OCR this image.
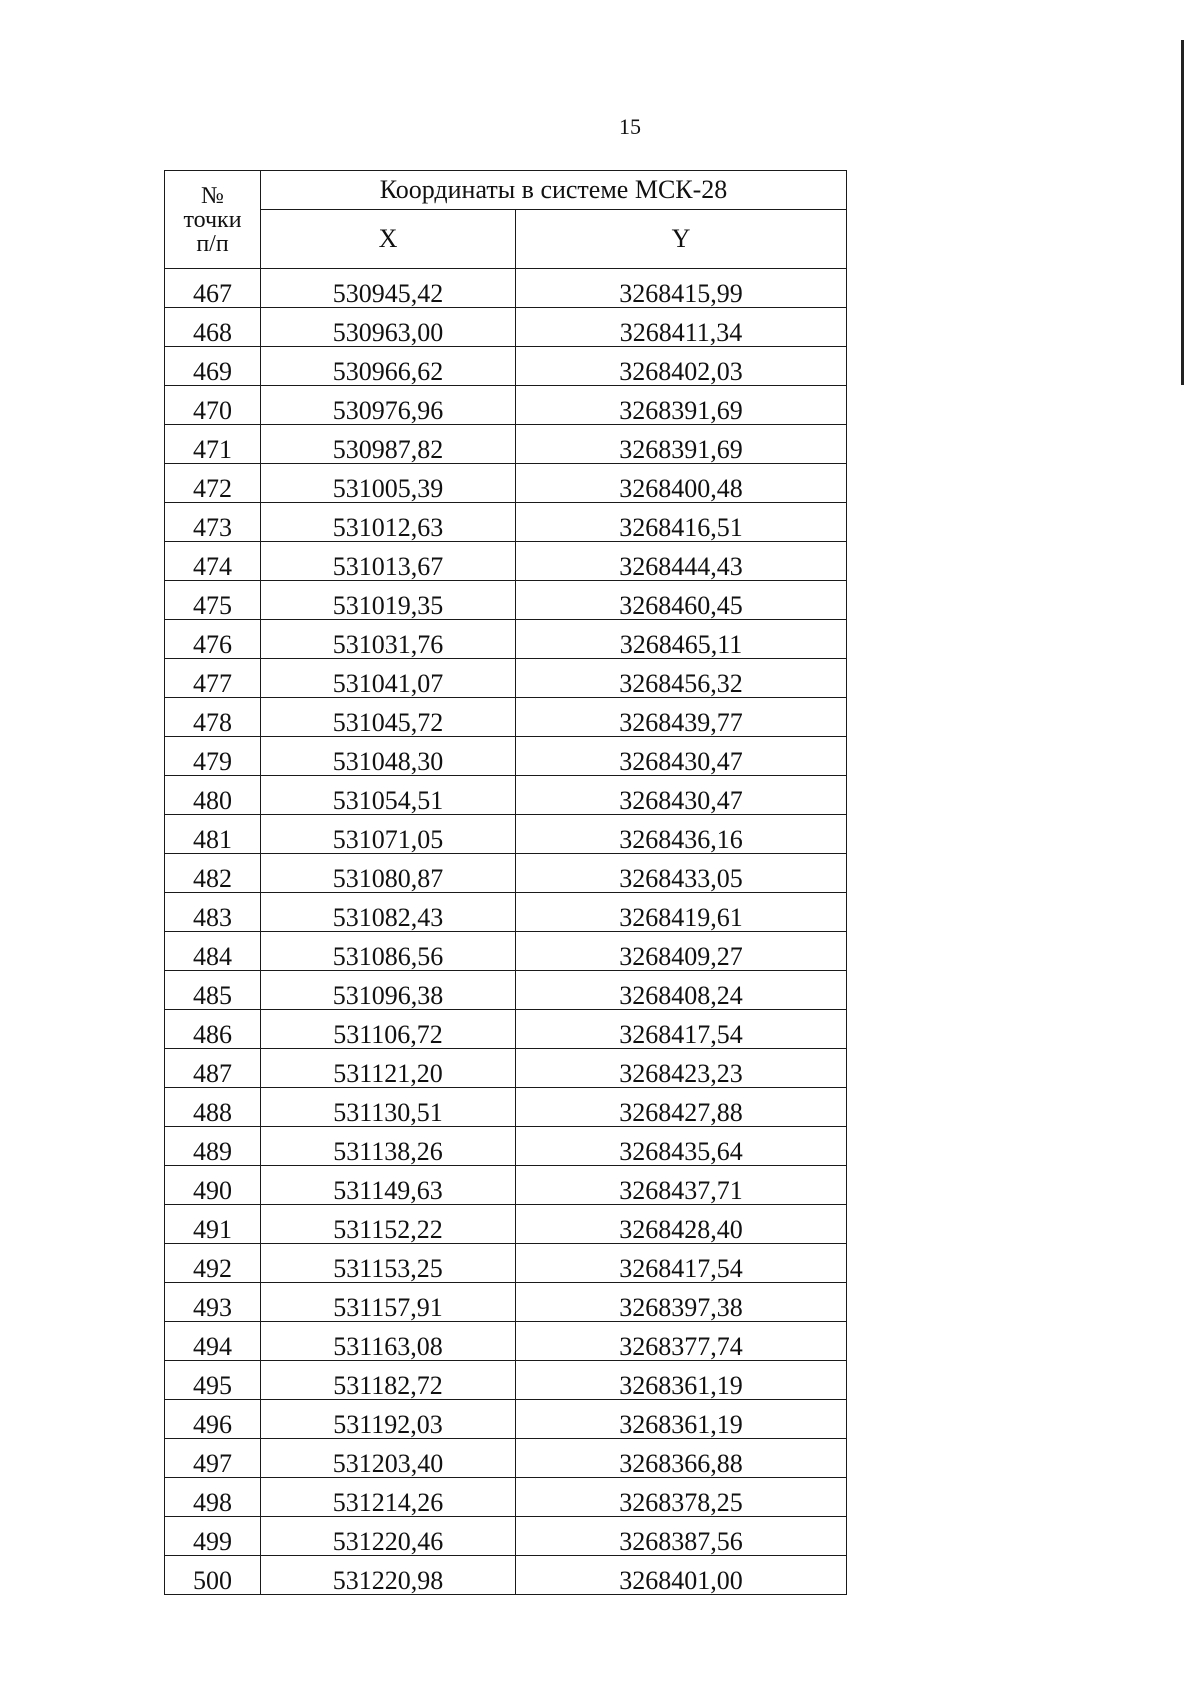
15
№
точки
п/п	Координаты в системе МСК-28	
	X	Y
467	530945,42	3268415,99
468	530963,00	3268411,34
469	530966,62	3268402,03
470	530976,96	3268391,69
471	530987,82	3268391,69
472	531005,39	3268400,48
473	531012,63	3268416,51
474	531013,67	3268444,43
475	531019,35	3268460,45
476	531031,76	3268465,11
477	531041,07	3268456,32
478	531045,72	3268439,77
479	531048,30	3268430,47
480	531054,51	3268430,47
481	531071,05	3268436,16
482	531080,87	3268433,05
483	531082,43	3268419,61
484	531086,56	3268409,27
485	531096,38	3268408,24
486	531106,72	3268417,54
487	531121,20	3268423,23
488	531130,51	3268427,88
489	531138,26	3268435,64
490	531149,63	3268437,71
491	531152,22	3268428,40
492	531153,25	3268417,54
493	531157,91	3268397,38
494	531163,08	3268377,74
495	531182,72	3268361,19
496	531192,03	3268361,19
497	531203,40	3268366,88
498	531214,26	3268378,25
499	531220,46	3268387,56
500	531220,98	3268401,00
